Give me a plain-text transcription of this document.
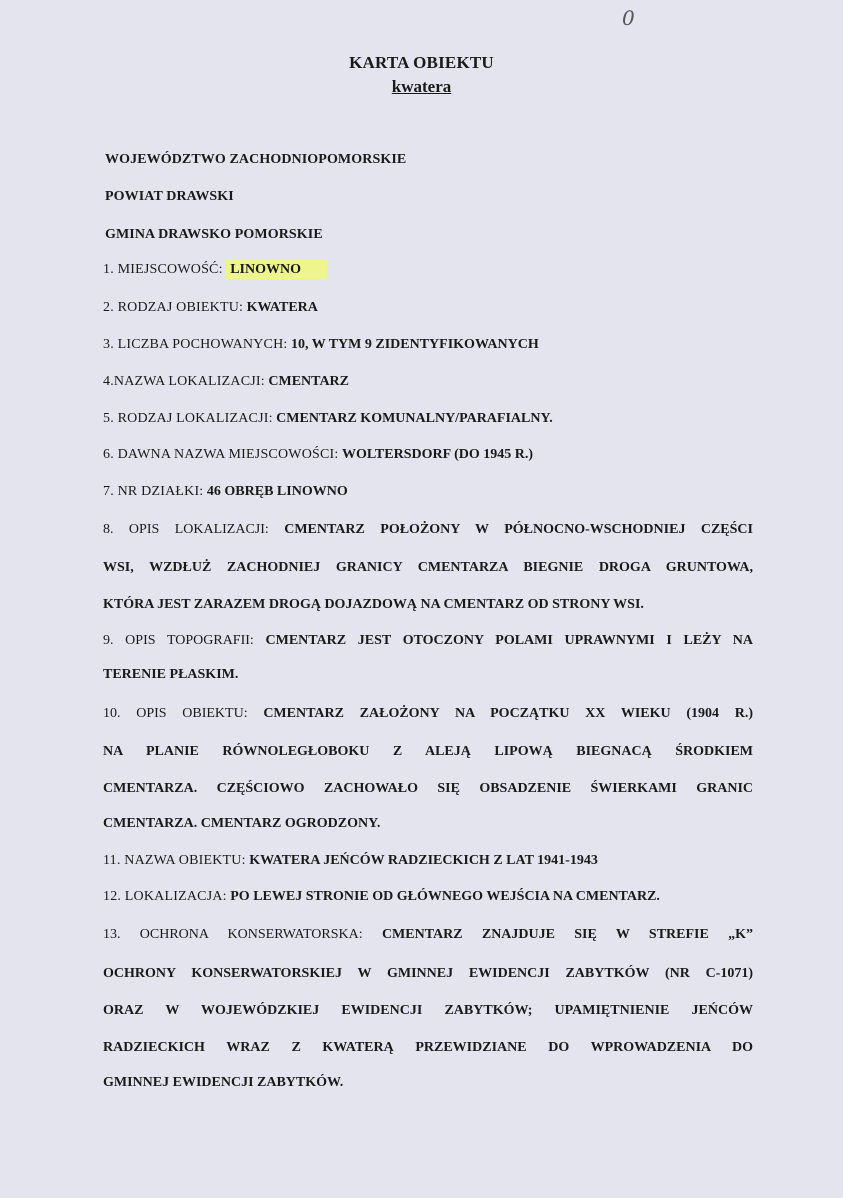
0
KARTA OBIEKTU
kwatera
WOJEWÓDZTWO ZACHODNIOPOMORSKIE
POWIAT DRAWSKI
GMINA DRAWSKO POMORSKIE
1. MIEJSCOWOŚĆ: LINOWNO
2. RODZAJ OBIEKTU: KWATERA
3. LICZBA POCHOWANYCH: 10, W TYM 9 ZIDENTYFIKOWANYCH
4.NAZWA LOKALIZACJI: CMENTARZ
5. RODZAJ LOKALIZACJI: CMENTARZ KOMUNALNY/PARAFIALNY.
6. DAWNA NAZWA MIEJSCOWOŚCI: WOLTERSDORF (DO 1945 R.)
7. NR DZIAŁKI: 46 OBRĘB LINOWNO
8. OPIS LOKALIZACJI: CMENTARZ POŁOŻONY W PÓŁNOCNO-WSCHODNIEJ CZĘŚCI
WSI, WZDŁUŻ ZACHODNIEJ GRANICY CMENTARZA BIEGNIE DROGA GRUNTOWA,
KTÓRA JEST ZARAZEM DROGĄ DOJAZDOWĄ NA CMENTARZ OD STRONY WSI.
9. OPIS TOPOGRAFII: CMENTARZ JEST OTOCZONY POLAMI UPRAWNYMI I LEŻY NA
TERENIE PŁASKIM.
10. OPIS OBIEKTU: CMENTARZ ZAŁOŻONY NA POCZĄTKU XX WIEKU (1904 R.)
NA PLANIE RÓWNOLEGŁOBOKU Z ALEJĄ LIPOWĄ BIEGNACĄ ŚRODKIEM
CMENTARZA. CZĘŚCIOWO ZACHOWAŁO SIĘ OBSADZENIE ŚWIERKAMI GRANIC
CMENTARZA. CMENTARZ OGRODZONY.
11. NAZWA OBIEKTU: KWATERA JEŃCÓW RADZIECKICH Z LAT 1941-1943
12. LOKALIZACJA: PO LEWEJ STRONIE OD GŁÓWNEGO WEJŚCIA NA CMENTARZ.
13. OCHRONA KONSERWATORSKA: CMENTARZ ZNAJDUJE SIĘ W STREFIE „K”
OCHRONY KONSERWATORSKIEJ W GMINNEJ EWIDENCJI ZABYTKÓW (NR C-1071)
ORAZ W WOJEWÓDZKIEJ EWIDENCJI ZABYTKÓW; UPAMIĘTNIENIE JEŃCÓW
RADZIECKICH WRAZ Z KWATERĄ PRZEWIDZIANE DO WPROWADZENIA DO
GMINNEJ EWIDENCJI ZABYTKÓW.
